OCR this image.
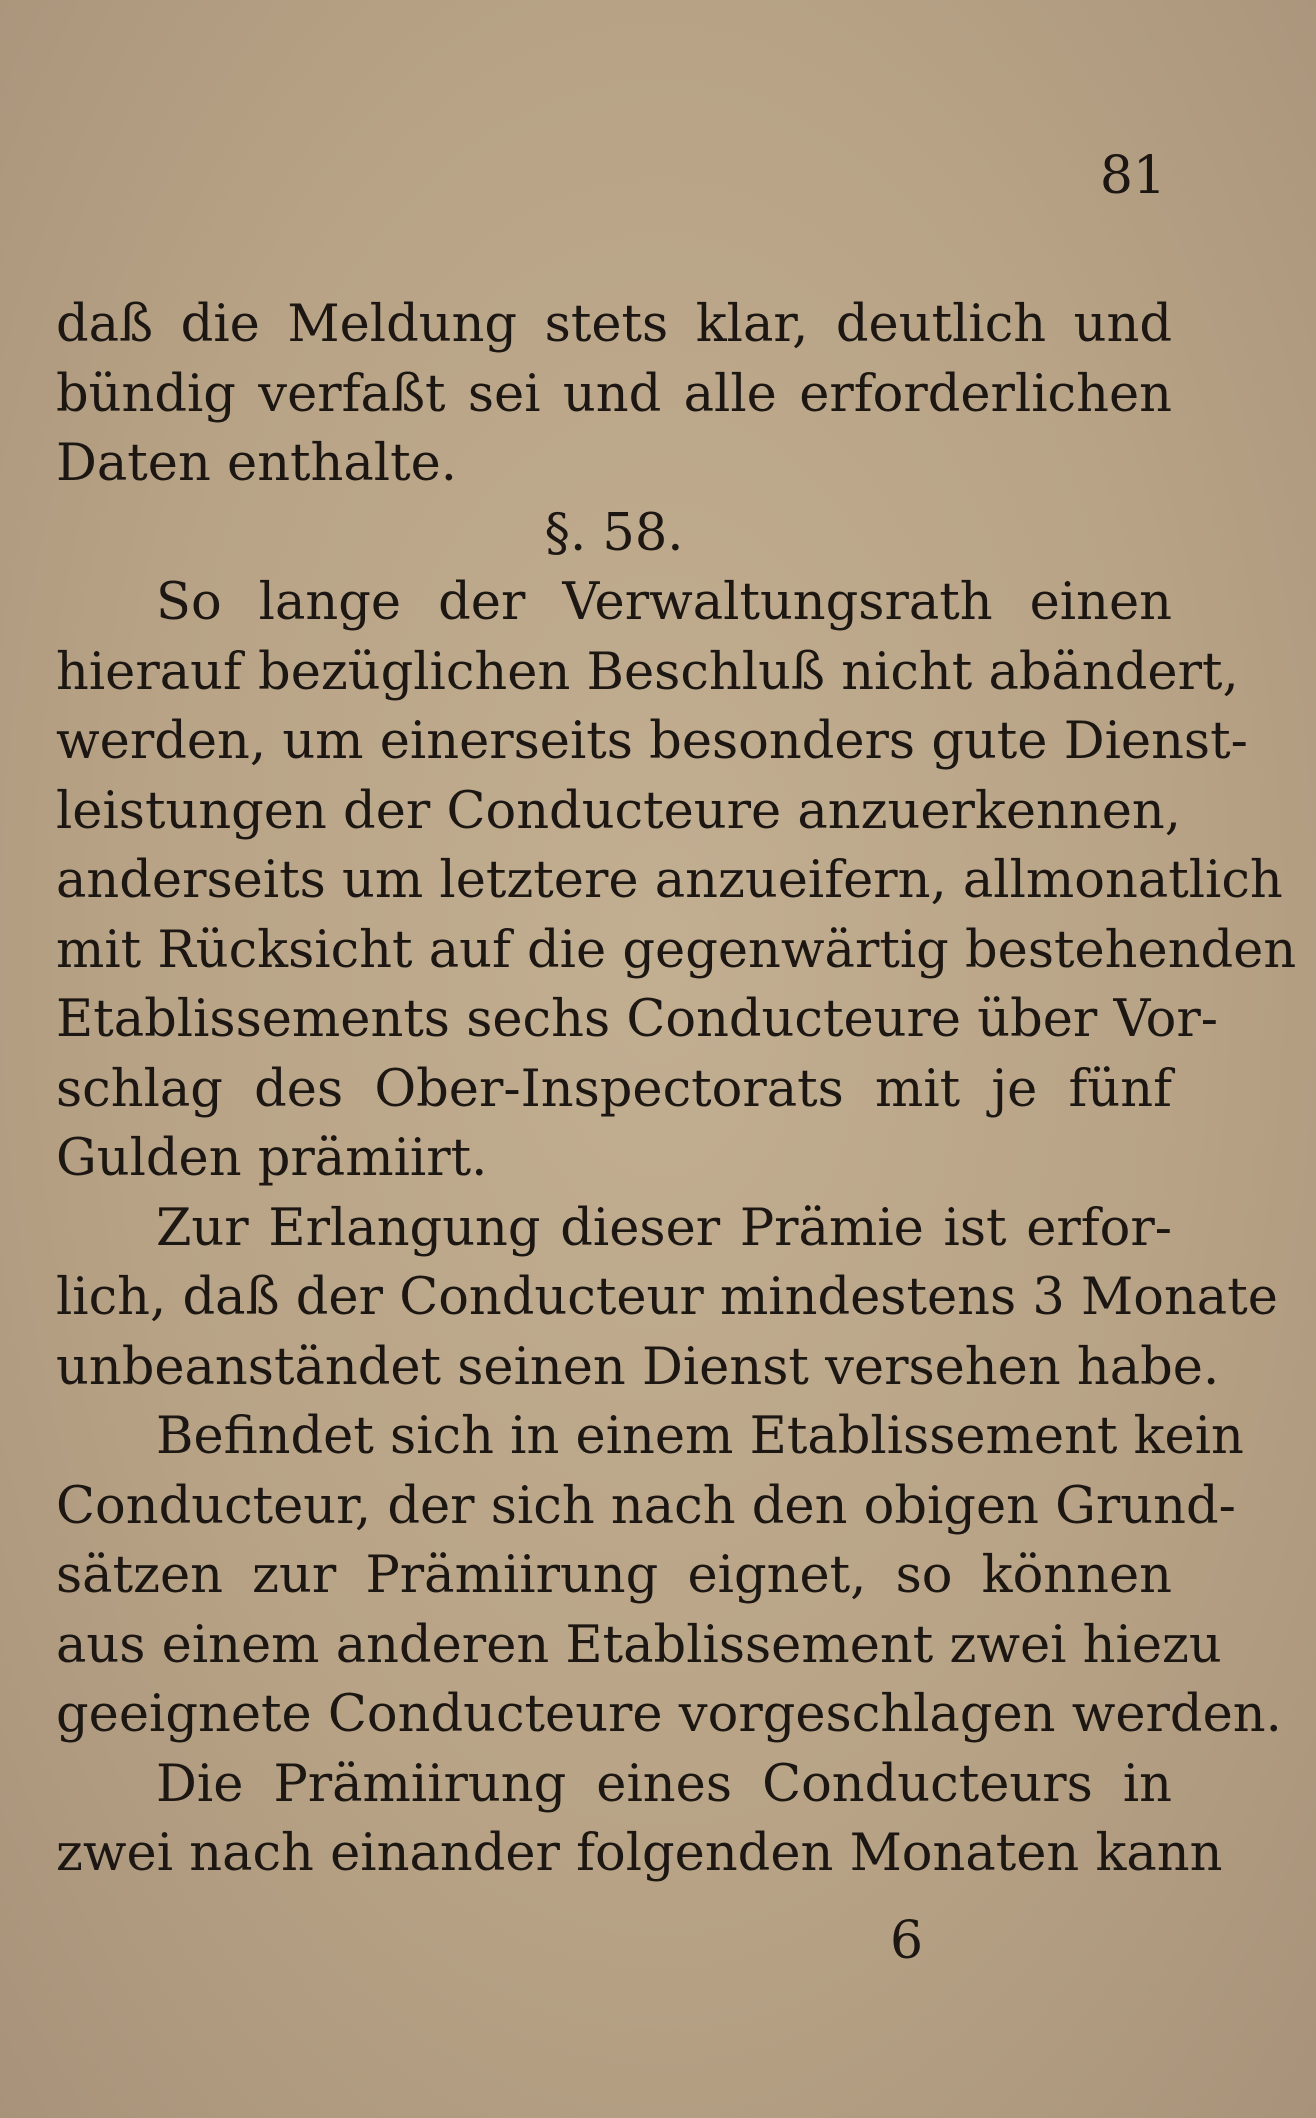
81

daß die Meldung stets klar, deutlich und

bündig verfaßt sei und alle erforderlichen

Daten enthalte.

§. 58.

So lange der Verwaltungsrath einen

hierauf bezüglichen Beschluß nicht abändert,

werden, um einerseits besonders gute Dienst-

leistungen der Conducteure anzuerkennen,

anderseits um letztere anzueifern, allmonatlich

mit Rücksicht auf die gegenwärtig bestehenden

Etablissements sechs Conducteure über Vor-

schlag des Ober-Inspectorats mit je fünf

Gulden prämiirt.

Zur Erlangung dieser Prämie ist erfor-

lich, daß der Conducteur mindestens 3 Monate

unbeanständet seinen Dienst versehen habe.

Befindet sich in einem Etablissement kein

Conducteur, der sich nach den obigen Grund-

sätzen zur Prämiirung eignet, so können

aus einem anderen Etablissement zwei hiezu

geeignete Conducteure vorgeschlagen werden.

Die Prämiirung eines Conducteurs in

zwei nach einander folgenden Monaten kann

6
